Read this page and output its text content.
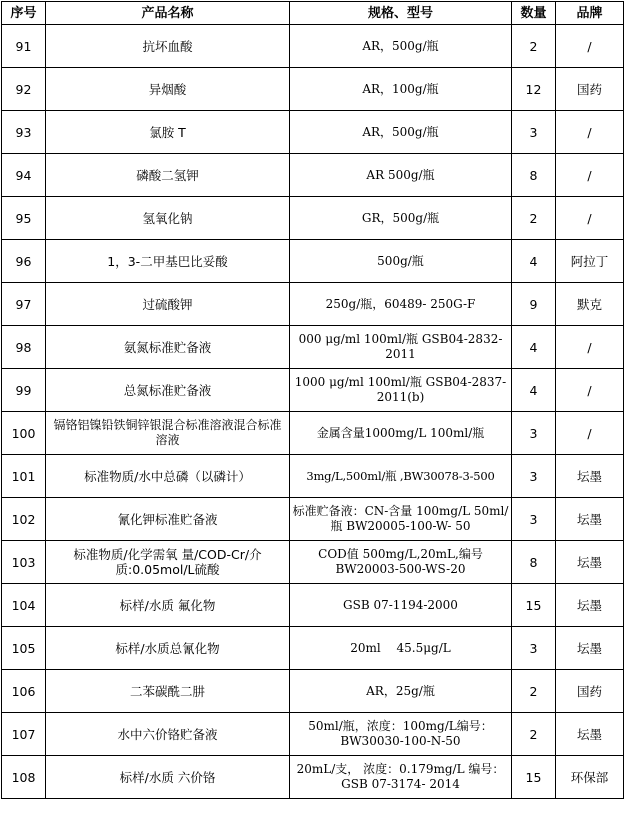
序号	产品名称	规格、型号	数量	品牌
91	抗坏血酸	AR，500g/瓶	2	/
92	异烟酸	AR，100g/瓶	12	国药
93	氯胺 T	AR，500g/瓶	3	/
94	磷酸二氢钾	AR 500g/瓶	8	/
95	氢氧化钠	GR，500g/瓶	2	/
96	1，3-二甲基巴比妥酸	500g/瓶	4	阿拉丁
97	过硫酸钾	250g/瓶，60489- 250G-F	9	默克
98	氨氮标准贮备液	000 μg/ml 100ml/瓶 GSB04-2832-2011	4	/
99	总氮标准贮备液	1000 μg/ml 100ml/瓶 GSB04-2837-2011(b)	4	/
100	镉铬铝镍铅铁铜锌银混合标准溶液混合标准溶液	金属含量1000mg/L 100ml/瓶	3	/
101	标准物质/水中总磷（以磷计）	3mg/L,500ml/瓶 ,BW30078-3-500	3	坛墨
102	氰化钾标准贮备液	标准贮备液：CN-含量 100mg/L 50ml/瓶 BW20005-100-W- 50	3	坛墨
103	标准物质/化学需氧 量/COD-Cr/介质:0.05mol/L硫酸	COD值 500mg/L,20mL,编号 BW20003-500-WS-20	8	坛墨
104	标样/水质 氟化物	GSB 07-1194-2000	15	坛墨
105	标样/水质总氰化物	20ml　 45.5μg/L	3	坛墨
106	二苯碳酰二肼	AR，25g/瓶	2	国药
107	水中六价铬贮备液	50ml/瓶，浓度：100mg/L编号：BW30030-100-N-50	2	坛墨
108	标样/水质 六价铬	20mL/支， 浓度：0.179mg/L 编号：GSB 07-3174- 2014	15	环保部
